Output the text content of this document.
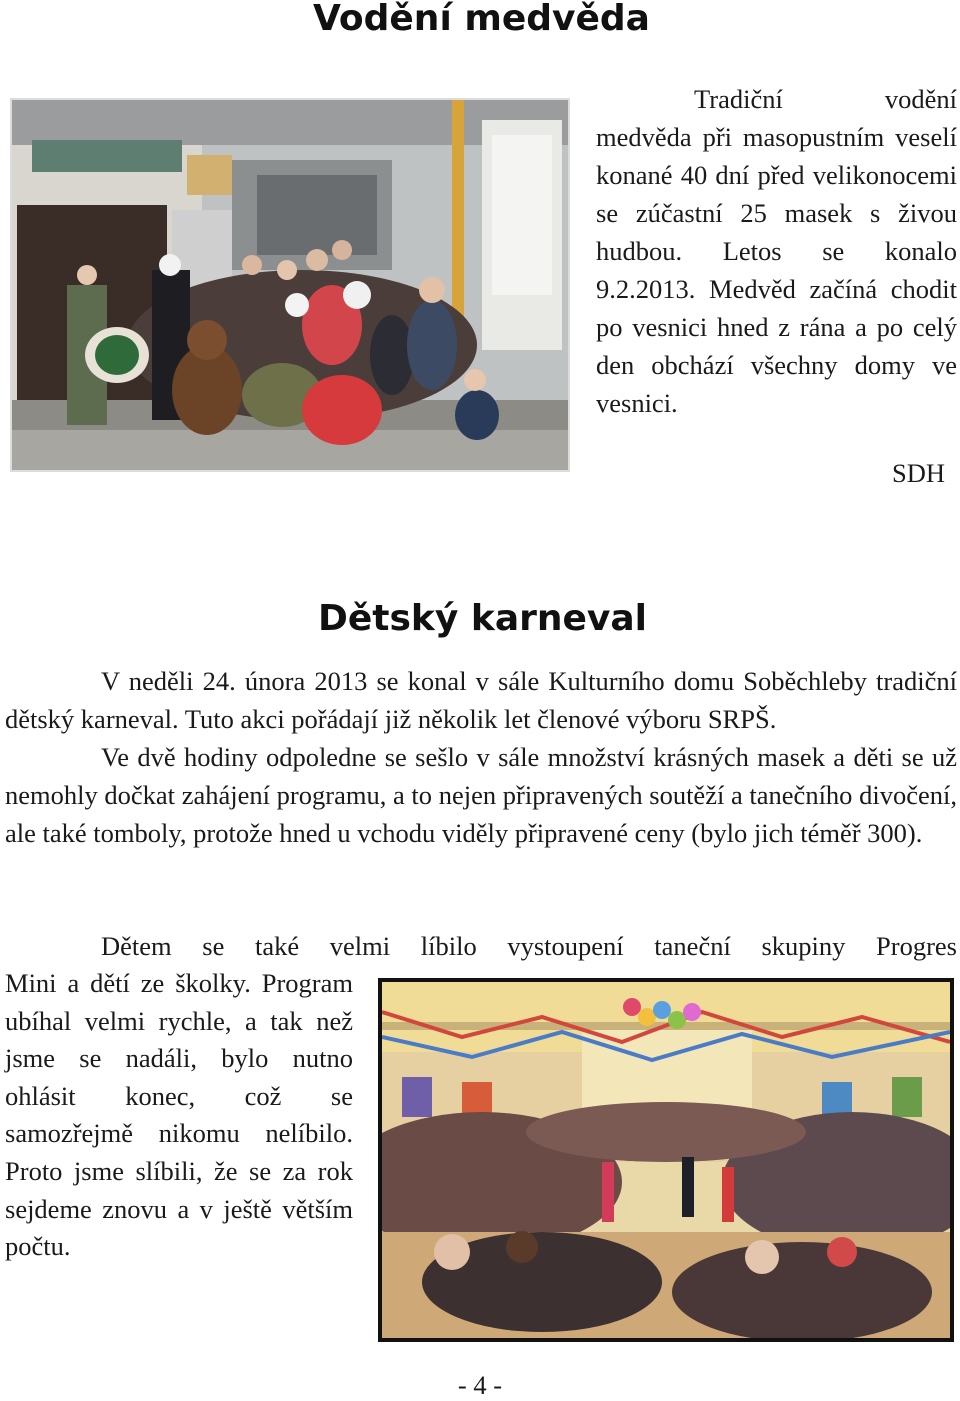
Vodění medvěda

Tradiční vodění medvěda při masopustním veselí konané 40 dní před velikonocemi se zúčastní 25 masek s živou hudbou. Letos se konalo 9.2.2013. Medvěd začíná chodit po vesnici hned z rána a po celý den obchází všechny domy ve vesnici.

SDH
Dětský karneval

V neděli 24. února 2013 se konal v sále Kulturního domu Soběchleby tradiční dětský karneval. Tuto akci pořádají již několik let členové výboru SRPŠ.

Ve dvě hodiny odpoledne se sešlo v sále množství krásných masek a děti se už nemohly dočkat zahájení programu, a to nejen připravených soutěží a tanečního divočení, ale také tomboly, protože hned u vchodu viděly připravené ceny (bylo jich téměř 300).

Dětem se také velmi líbilo vystoupení taneční skupiny Progres
Mini a dětí ze školky. Program ubíhal velmi rychle, a tak než jsme se nadáli, bylo nutno ohlásit konec, což se samozřejmě nikomu nelíbilo. Proto jsme slíbili, že se za rok sejdeme znovu a v ještě větším počtu.
- 4 -
